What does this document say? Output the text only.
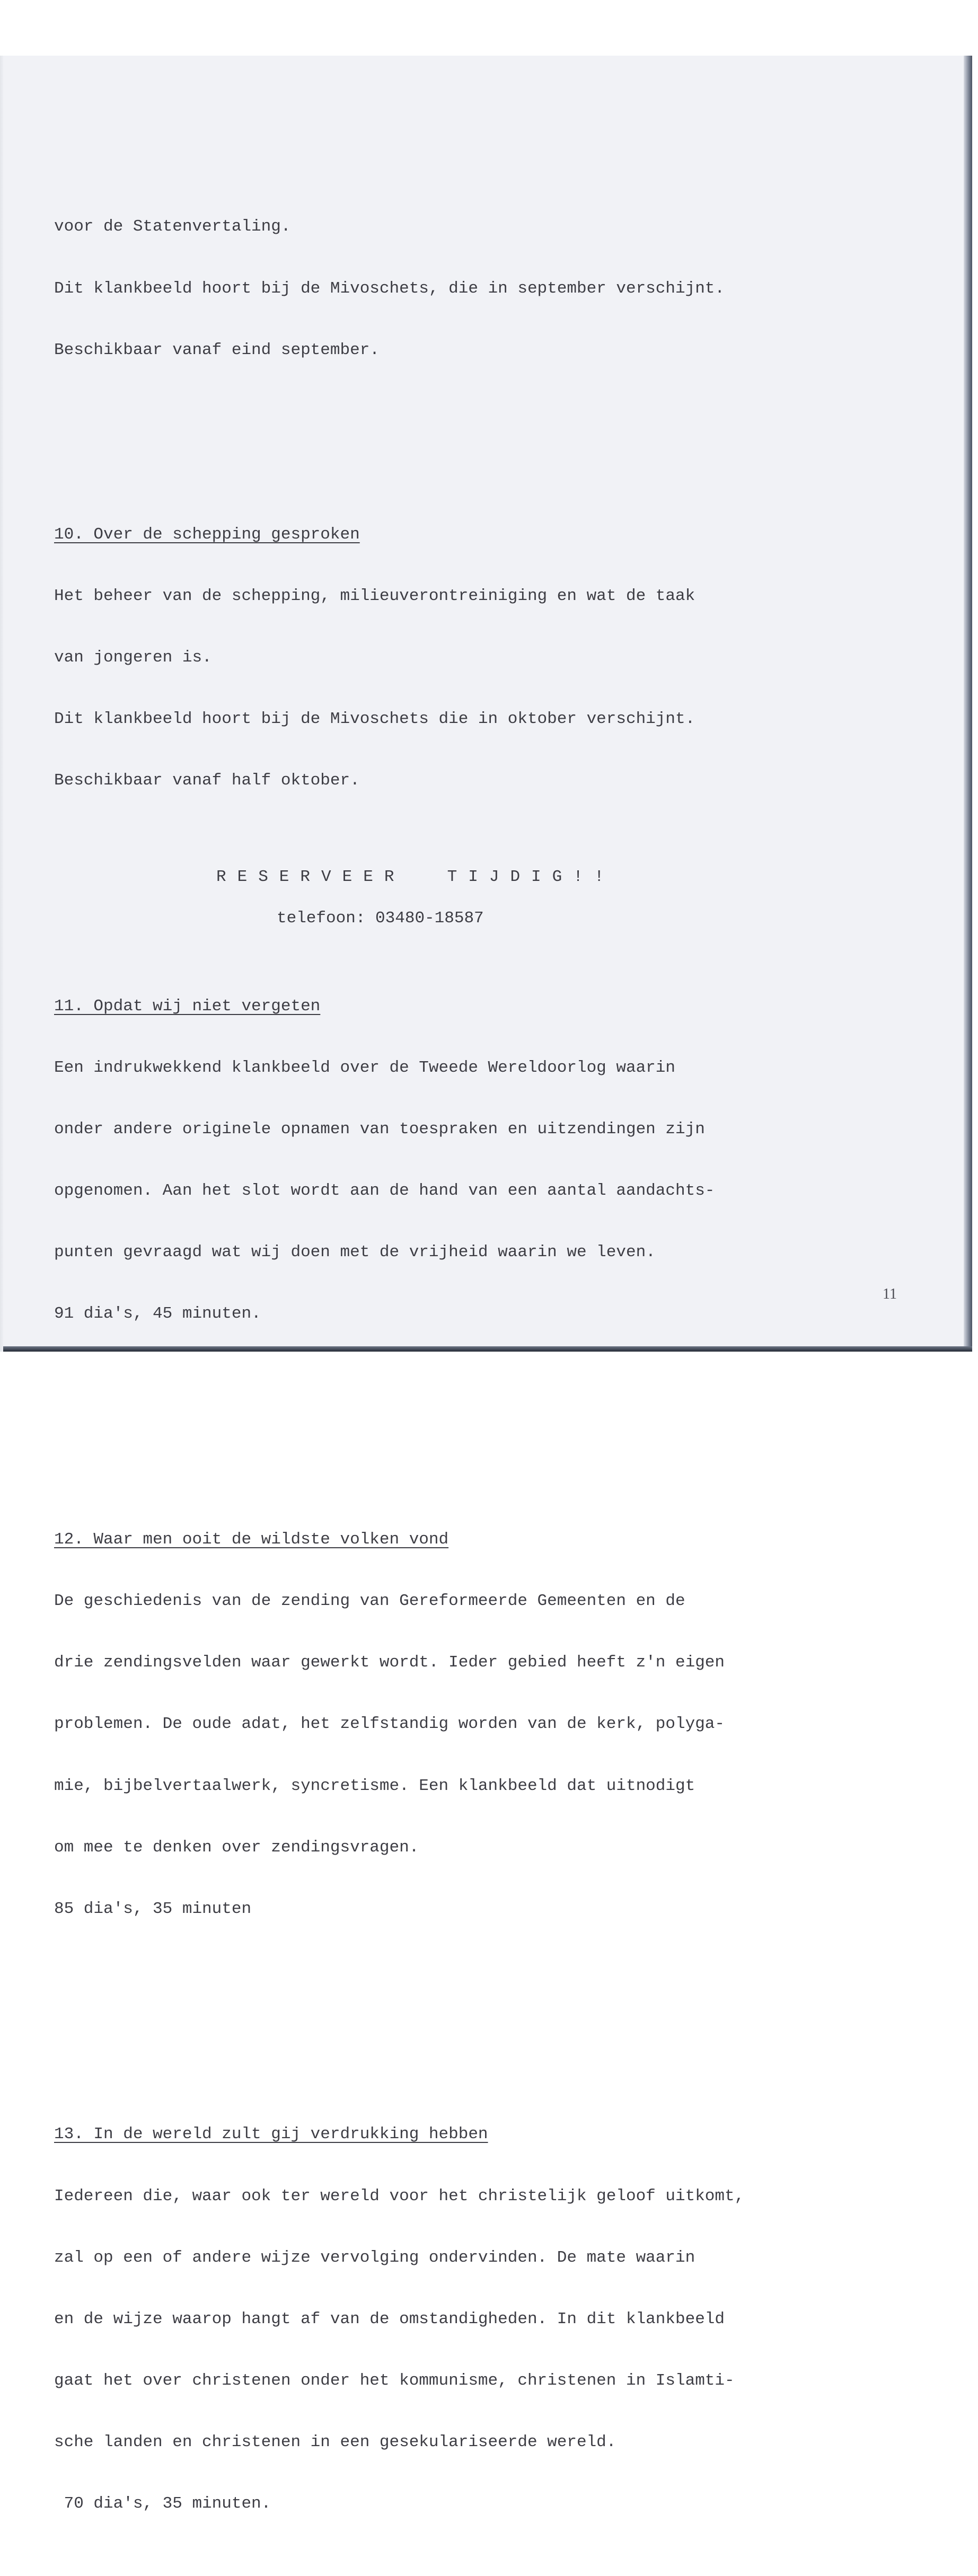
voor de Statenvertaling.

Dit klankbeeld hoort bij de Mivoschets, die in september verschijnt.

Beschikbaar vanaf eind september.

10. Over de schepping gesproken

Het beheer van de schepping, milieuverontreiniging en wat de taak

van jongeren is.

Dit klankbeeld hoort bij de Mivoschets die in oktober verschijnt.

Beschikbaar vanaf half oktober.

11. Opdat wij niet vergeten

Een indrukwekkend klankbeeld over de Tweede Wereldoorlog waarin

onder andere originele opnamen van toespraken en uitzendingen zijn

opgenomen. Aan het slot wordt aan de hand van een aantal aandachts-

punten gevraagd wat wij doen met de vrijheid waarin we leven.

91 dia's, 45 minuten.

12. Waar men ooit de wildste volken vond

De geschiedenis van de zending van Gereformeerde Gemeenten en de

drie zendingsvelden waar gewerkt wordt. Ieder gebied heeft z'n eigen

problemen. De oude adat, het zelfstandig worden van de kerk, polyga-

mie, bijbelvertaalwerk, syncretisme. Een klankbeeld dat uitnodigt

om mee te denken over zendingsvragen.

85 dia's, 35 minuten

13. In de wereld zult gij verdrukking hebben

Iedereen die, waar ook ter wereld voor het christelijk geloof uitkomt,

zal op een of andere wijze vervolging ondervinden. De mate waarin

en de wijze waarop hangt af van de omstandigheden. In dit klankbeeld

gaat het over christenen onder het kommunisme, christenen in Islamti-

sche landen en christenen in een gesekulariseerde wereld.

70 dia's, 35 minuten.

RESERVEER  TIJDIG!!
telefoon: 03480-18587
11
